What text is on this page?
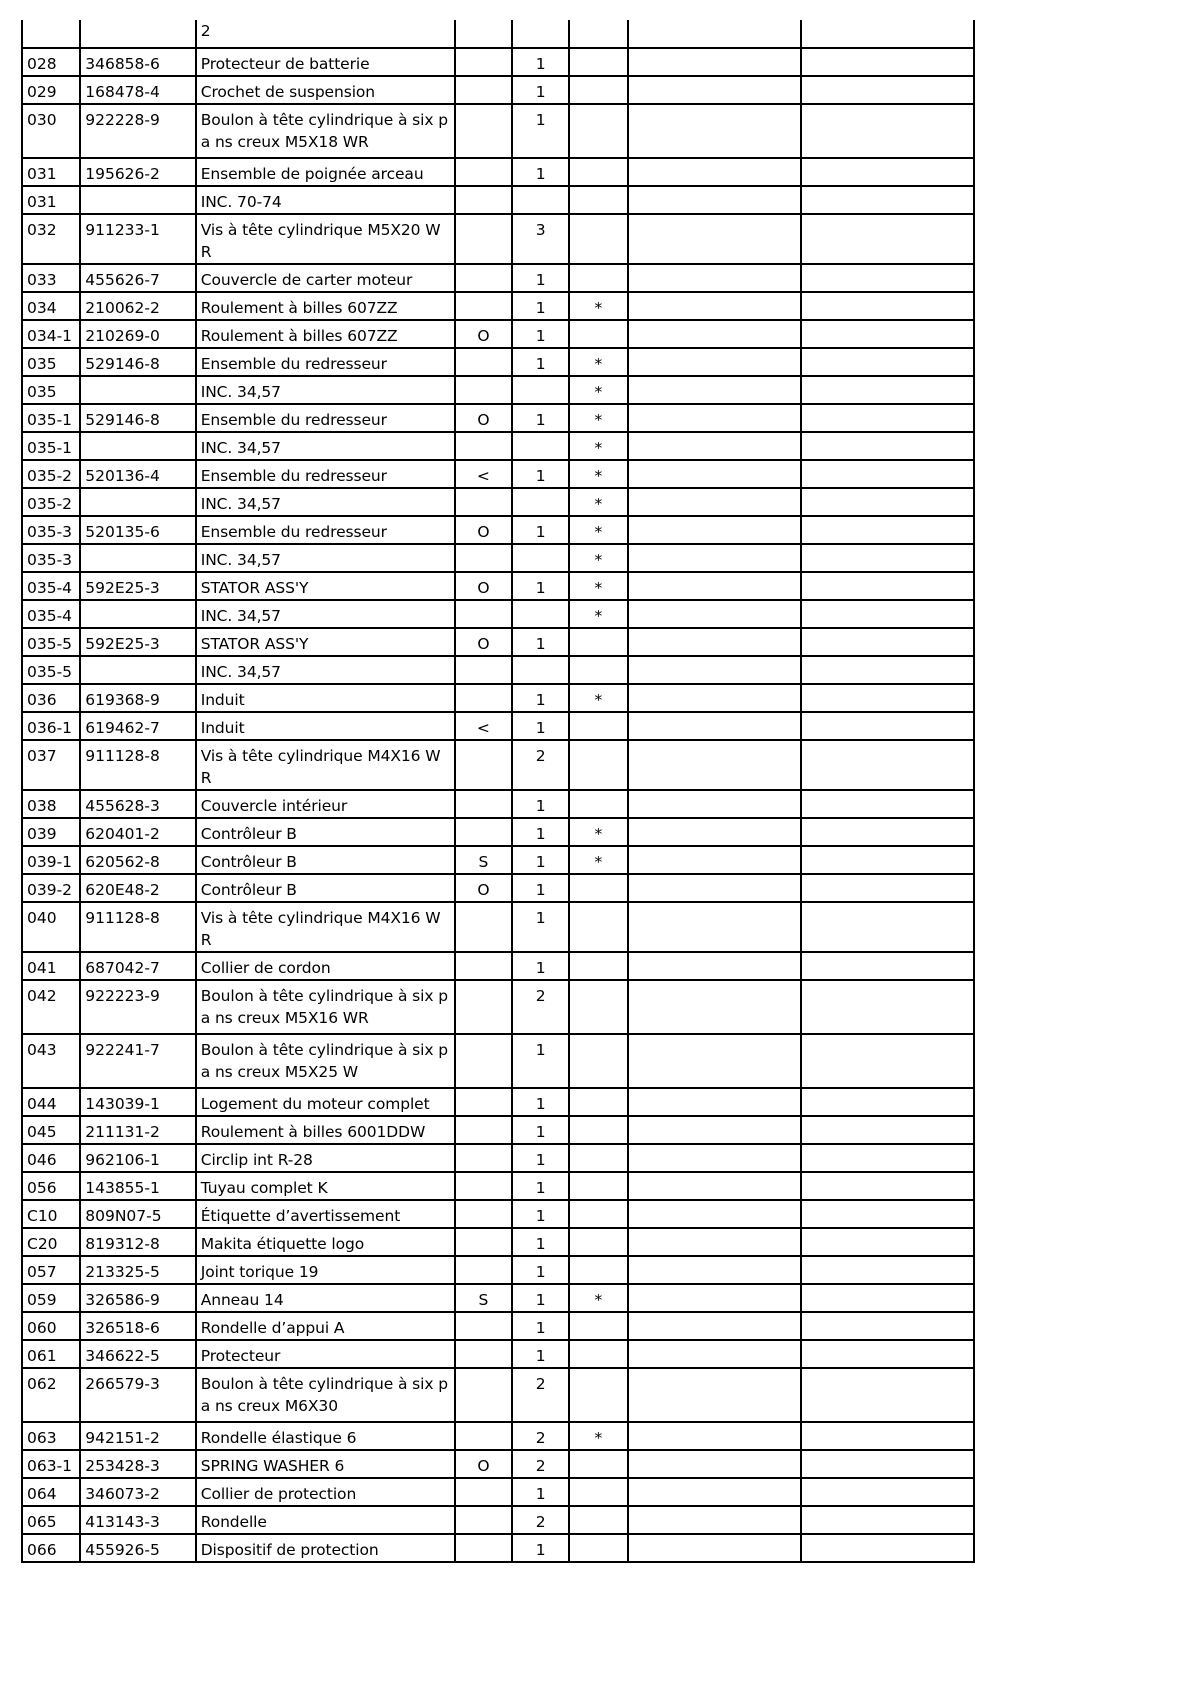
		2					
028	346858-6	Protecteur de batterie		1			
029	168478-4	Crochet de suspension		1			
030	922228-9	Boulon à tête cylindrique à six pa ns creux M5X18 WR		1			
031	195626-2	Ensemble de poignée arceau		1			
031		INC. 70-74					
032	911233-1	Vis à tête cylindrique M5X20 WR		3			
033	455626-7	Couvercle de carter moteur		1			
034	210062-2	Roulement à billes 607ZZ		1	*		
034-1	210269-0	Roulement à billes 607ZZ	O	1			
035	529146-8	Ensemble du redresseur		1	*		
035		INC. 34,57			*		
035-1	529146-8	Ensemble du redresseur	O	1	*		
035-1		INC. 34,57			*		
035-2	520136-4	Ensemble du redresseur	<	1	*		
035-2		INC. 34,57			*		
035-3	520135-6	Ensemble du redresseur	O	1	*		
035-3		INC. 34,57			*		
035-4	592E25-3	STATOR ASS'Y	O	1	*		
035-4		INC. 34,57			*		
035-5	592E25-3	STATOR ASS'Y	O	1			
035-5		INC. 34,57					
036	619368-9	Induit		1	*		
036-1	619462-7	Induit	<	1			
037	911128-8	Vis à tête cylindrique M4X16 WR		2			
038	455628-3	Couvercle intérieur		1			
039	620401-2	Contrôleur B		1	*		
039-1	620562-8	Contrôleur B	S	1	*		
039-2	620E48-2	Contrôleur B	O	1			
040	911128-8	Vis à tête cylindrique M4X16 WR		1			
041	687042-7	Collier de cordon		1			
042	922223-9	Boulon à tête cylindrique à six pa ns creux M5X16 WR		2			
043	922241-7	Boulon à tête cylindrique à six pa ns creux M5X25 W		1			
044	143039-1	Logement du moteur complet		1			
045	211131-2	Roulement à billes 6001DDW		1			
046	962106-1	Circlip int R-28		1			
056	143855-1	Tuyau complet K		1			
C10	809N07-5	Étiquette d’avertissement		1			
C20	819312-8	Makita étiquette logo		1			
057	213325-5	Joint torique 19		1			
059	326586-9	Anneau 14	S	1	*		
060	326518-6	Rondelle d’appui A		1			
061	346622-5	Protecteur		1			
062	266579-3	Boulon à tête cylindrique à six pa ns creux M6X30		2			
063	942151-2	Rondelle élastique 6		2	*		
063-1	253428-3	SPRING WASHER 6	O	2			
064	346073-2	Collier de protection		1			
065	413143-3	Rondelle		2			
066	455926-5	Dispositif de protection		1			
